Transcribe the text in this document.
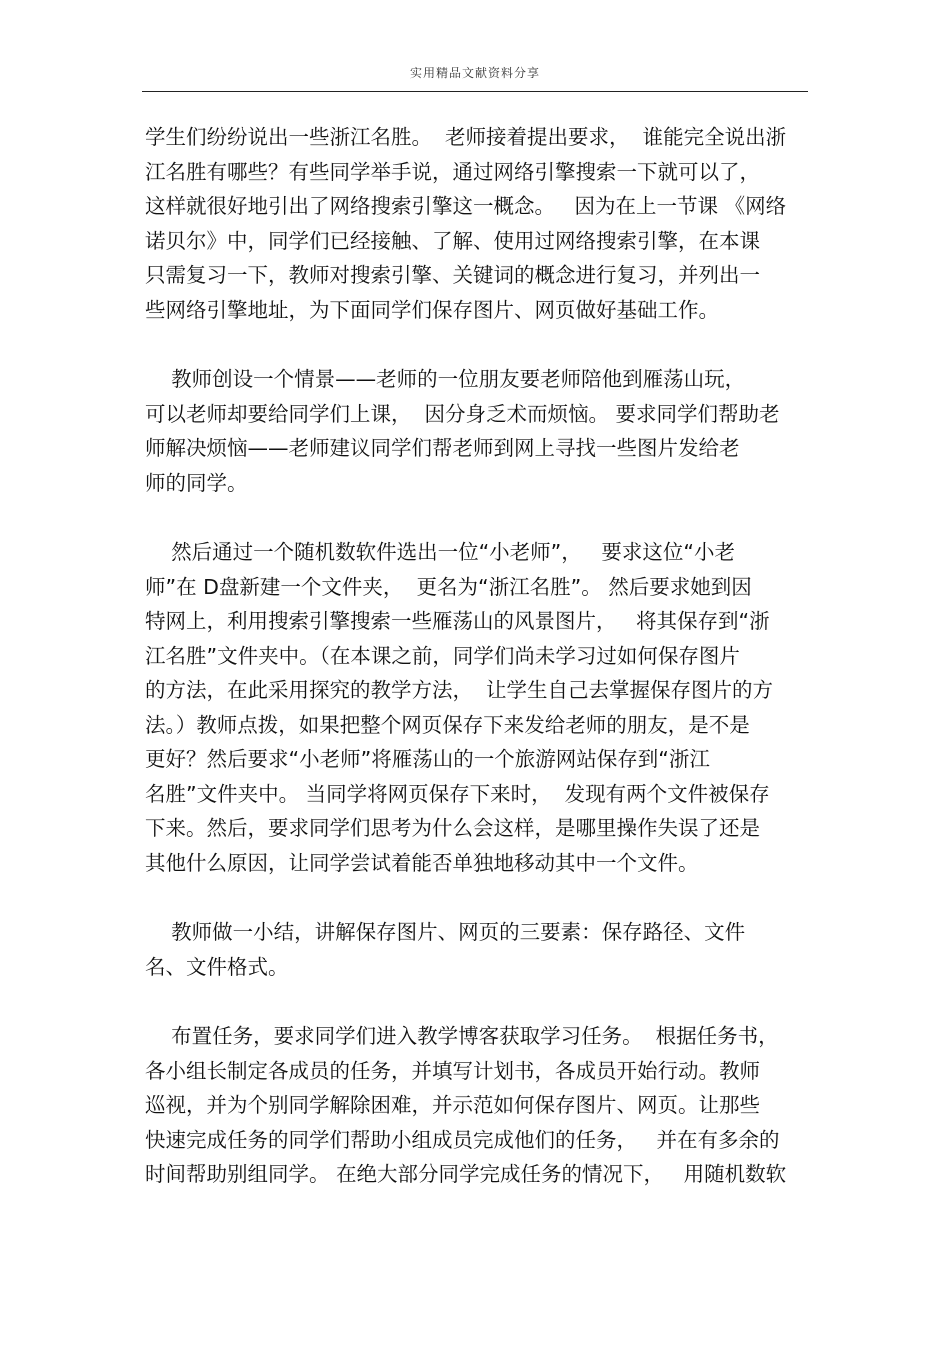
实用精品文献资料分享
学生们纷纷说出一些浙江名胜。  老师接着提出要求，  谁能完全说出浙
江名胜有哪些？有些同学举手说，通过网络引擎搜索一下就可以了，
这样就很好地引出了网络搜索引擎这一概念。   因为在上一节课 《网络
诺贝尔》中，同学们已经接触、了解、使用过网络搜索引擎，在本课
只需复习一下，教师对搜索引擎、关键词的概念进行复习，并列出一
些网络引擎地址，为下面同学们保存图片、网页做好基础工作。
教师创设一个情景——老师的一位朋友要老师陪他到雁荡山玩，
可以老师却要给同学们上课，  因分身乏术而烦恼。 要求同学们帮助老
师解决烦恼——老师建议同学们帮老师到网上寻找一些图片发给老
师的同学。
然后通过一个随机数软件选出一位“小老师”，   要求这位“小老
师”在 D盘新建一个文件夹，  更名为“浙江名胜”。 然后要求她到因
特网上，利用搜索引擎搜索一些雁荡山的风景图片，   将其保存到“浙
江名胜”文件夹中。（在本课之前，同学们尚未学习过如何保存图片
的方法，在此采用探究的教学方法，  让学生自己去掌握保存图片的方
法。）教师点拨，如果把整个网页保存下来发给老师的朋友，是不是
更好？然后要求“小老师”将雁荡山的一个旅游网站保存到“浙江
名胜”文件夹中。 当同学将网页保存下来时，  发现有两个文件被保存
下来。然后，要求同学们思考为什么会这样，是哪里操作失误了还是
其他什么原因，让同学尝试着能否单独地移动其中一个文件。
教师做一小结，讲解保存图片、网页的三要素：保存路径、文件
名、文件格式。
布置任务，要求同学们进入教学博客获取学习任务。  根据任务书，
各小组长制定各成员的任务，并填写计划书，各成员开始行动。教师
巡视，并为个别同学解除困难，并示范如何保存图片、网页。让那些
快速完成任务的同学们帮助小组成员完成他们的任务，   并在有多余的
时间帮助别组同学。 在绝大部分同学完成任务的情况下，   用随机数软
